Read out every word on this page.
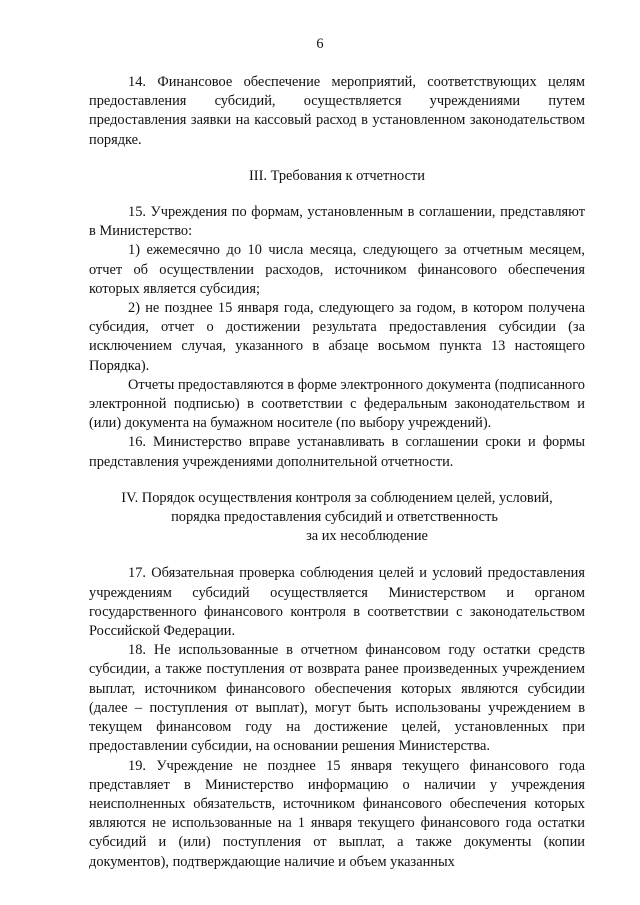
6

14. Финансовое обеспечение мероприятий, соответствующих целям предоставления субсидий, осуществляется учреждениями путем предоставления заявки на кассовый расход в установленном законодательством порядке.

III. Требования к отчетности

15. Учреждения по формам, установленным в соглашении, представляют в Министерство:

1) ежемесячно до 10 числа месяца, следующего за отчетным месяцем, отчет об осуществлении расходов, источником финансового обеспечения которых является субсидия;

2) не позднее 15 января года, следующего за годом, в котором получена субсидия, отчет о достижении результата предоставления субсидии (за исключением случая, указанного в абзаце восьмом пункта 13 настоящего Порядка).

Отчеты предоставляются в форме электронного документа (подписанного электронной подписью) в соответствии с федеральным законодательством и (или) документа на бумажном носителе (по выбору учреждений).

16. Министерство вправе устанавливать в соглашении сроки и формы представления учреждениями дополнительной отчетности.

IV. Порядок осуществления контроля за соблюдением целей, условий,
порядка предоставления субсидий и ответственность
за их несоблюдение

17. Обязательная проверка соблюдения целей и условий предоставления учреждениям субсидий осуществляется Министерством и органом государственного финансового контроля в соответствии с законодательством Российской Федерации.

18. Не использованные в отчетном финансовом году остатки средств субсидии, а также поступления от возврата ранее произведенных учреждением выплат, источником финансового обеспечения которых являются субсидии (далее – поступления от выплат), могут быть использованы учреждением в текущем финансовом году на достижение целей, установленных при предоставлении субсидии, на основании решения Министерства.

19. Учреждение не позднее 15 января текущего финансового года представляет в Министерство информацию о наличии у учреждения неисполненных обязательств, источником финансового обеспечения которых являются не использованные на 1 января текущего финансового года остатки субсидий и (или) поступления от выплат, а также документы (копии документов), подтверждающие наличие и объем указанных
